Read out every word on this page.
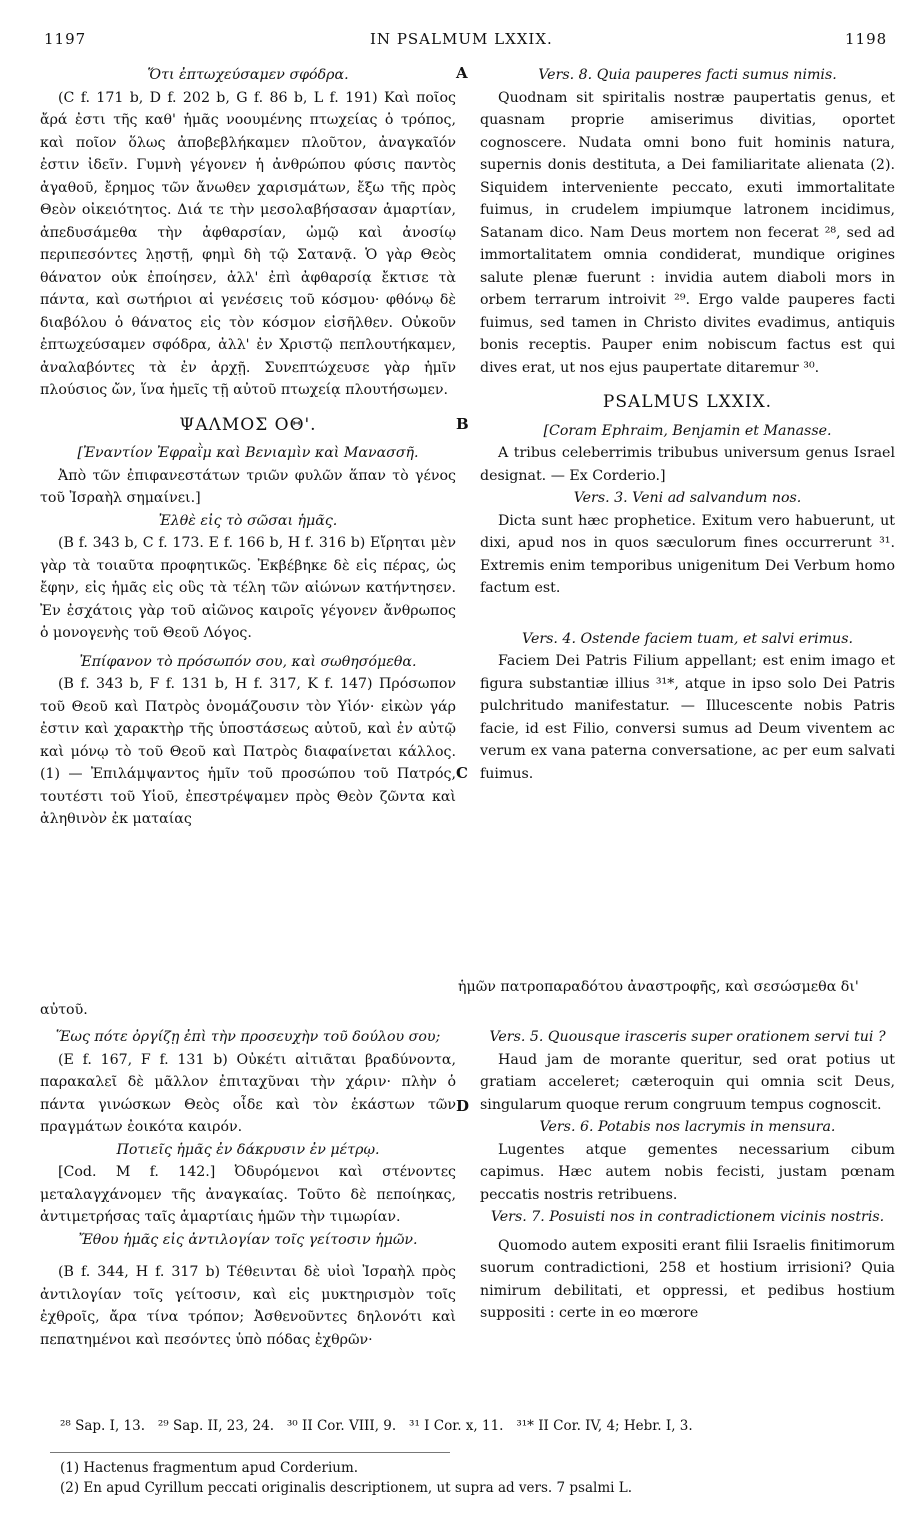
1197	IN PSALMUM LXXIX.	1198
A
B
C
D

Ὅτι ἐπτωχεύσαμεν σφόδρα.

(C f. 171 b, D f. 202 b, G f. 86 b, L f. 191) Καὶ ποῖος ἄρά ἐστι τῆς καθ' ἡμᾶς νοουμένης πτωχείας ὁ τρόπος, καὶ ποῖον ὅλως ἀποβεβλήκαμεν πλοῦτον, ἀναγκαῖόν ἐστιν ἰδεῖν. Γυμνὴ γέγονεν ἡ ἀνθρώπου φύσις παντὸς ἀγαθοῦ, ἔρημος τῶν ἄνωθεν χαρισμάτων, ἔξω τῆς πρὸς Θεὸν οἰκειότητος. Διά τε τὴν μεσολαβήσασαν ἁμαρτίαν, ἀπεδυσάμεθα τὴν ἀφθαρσίαν, ὠμῷ καὶ ἀνοσίῳ περιπεσόντες λῃστῇ, φημὶ δὴ τῷ Σατανᾷ. Ὁ γὰρ Θεὸς θάνατον οὐκ ἐποίησεν, ἀλλ' ἐπὶ ἀφθαρσίᾳ ἔκτισε τὰ πάντα, καὶ σωτήριοι αἱ γενέσεις τοῦ κόσμου· φθόνῳ δὲ διαβόλου ὁ θάνατος εἰς τὸν κόσμον εἰσῆλθεν. Οὐκοῦν ἐπτωχεύσαμεν σφόδρα, ἀλλ' ἐν Χριστῷ πεπλουτήκαμεν, ἀναλαβόντες τὰ ἐν ἀρχῇ. Συνεπτώχευσε γὰρ ἡμῖν πλούσιος ὤν, ἵνα ἡμεῖς τῇ αὐτοῦ πτωχείᾳ πλουτήσωμεν.

ΨΑΛΜΟΣ ΟΘ'.

[Ἐναντίον Ἐφραῒμ καὶ Βενιαμὶν καὶ Μανασσῆ.

Ἀπὸ τῶν ἐπιφανεστάτων τριῶν φυλῶν ἅπαν τὸ γένος τοῦ Ἰσραὴλ σημαίνει.]

Ἐλθὲ εἰς τὸ σῶσαι ἡμᾶς.

(B f. 343 b, C f. 173. E f. 166 b, H f. 316 b) Εἴρηται μὲν γὰρ τὰ τοιαῦτα προφητικῶς. Ἐκβέβηκε δὲ εἰς πέρας, ὡς ἔφην, εἰς ἡμᾶς εἰς οὓς τὰ τέλη τῶν αἰώνων κατήντησεν. Ἐν ἐσχάτοις γὰρ τοῦ αἰῶνος καιροῖς γέγονεν ἄνθρωπος ὁ μονογενὴς τοῦ Θεοῦ Λόγος.

Ἐπίφανον τὸ πρόσωπόν σου, καὶ σωθησόμεθα.

(B f. 343 b, F f. 131 b, H f. 317, K f. 147) Πρόσωπον τοῦ Θεοῦ καὶ Πατρὸς ὀνομάζουσιν τὸν Υἱόν· εἰκὼν γάρ ἐστιν καὶ χαρακτὴρ τῆς ὑποστάσεως αὐτοῦ, καὶ ἐν αὐτῷ καὶ μόνῳ τὸ τοῦ Θεοῦ καὶ Πατρὸς διαφαίνεται κάλλος. (1) — Ἐπιλάμψαντος ἡμῖν τοῦ προσώπου τοῦ Πατρός, τουτέστι τοῦ Υἱοῦ, ἐπεστρέψαμεν πρὸς Θεὸν ζῶντα καὶ ἀληθινὸν ἐκ ματαίας

Vers. 8. Quia pauperes facti sumus nimis.

Quodnam sit spiritalis nostræ paupertatis genus, et quasnam proprie amiserimus divitias, oportet cognoscere. Nudata omni bono fuit hominis natura, supernis donis destituta, a Dei familiaritate alienata (2). Siquidem interveniente peccato, exuti immortalitate fuimus, in crudelem impiumque latronem incidimus, Satanam dico. Nam Deus mortem non fecerat ²⁸, sed ad immortalitatem omnia condiderat, mundique origines salute plenæ fuerunt : invidia autem diaboli mors in orbem terrarum introivit ²⁹. Ergo valde pauperes facti fuimus, sed tamen in Christo divites evadimus, antiquis bonis receptis. Pauper enim nobiscum factus est qui dives erat, ut nos ejus paupertate ditaremur ³⁰.

PSALMUS LXXIX.

[Coram Ephraim, Benjamin et Manasse.

A tribus celeberrimis tribubus universum genus Israel designat. — Ex Corderio.]

Vers. 3. Veni ad salvandum nos.

Dicta sunt hæc prophetice. Exitum vero habuerunt, ut dixi, apud nos in quos sæculorum fines occurrerunt ³¹. Extremis enim temporibus unigenitum Dei Verbum homo factum est.

Vers. 4. Ostende faciem tuam, et salvi erimus.

Faciem Dei Patris Filium appellant; est enim imago et figura substantiæ illius ³¹*, atque in ipso solo Dei Patris pulchritudo manifestatur. — Illucescente nobis Patris facie, id est Filio, conversi sumus ad Deum viventem ac verum ex vana paterna conversatione, ac per eum salvati fuimus.

ἡμῶν πατροπαραδότου ἀναστροφῆς, καὶ σεσώσμεθα δι' αὐτοῦ.

Ἕως πότε ὀργίζῃ ἐπὶ τὴν προσευχὴν τοῦ δούλου σου;

(E f. 167, F f. 131 b) Οὐκέτι αἰτιᾶται βραδύνοντα, παρακαλεῖ δὲ μᾶλλον ἐπιταχῦναι τὴν χάριν· πλὴν ὁ πάντα γινώσκων Θεὸς οἶδε καὶ τὸν ἑκάστων τῶν πραγμάτων ἐοικότα καιρόν.

Ποτιεῖς ἡμᾶς ἐν δάκρυσιν ἐν μέτρῳ.

[Cod. M f. 142.] Ὀδυρόμενοι καὶ στένοντες μεταλαγχάνομεν τῆς ἀναγκαίας. Τοῦτο δὲ πεποίηκας, ἀντιμετρήσας ταῖς ἁμαρτίαις ἡμῶν τὴν τιμωρίαν.

Ἔθου ἡμᾶς εἰς ἀντιλογίαν τοῖς γείτοσιν ἡμῶν.

(B f. 344, H f. 317 b) Τέθεινται δὲ υἱοὶ Ἰσραὴλ πρὸς ἀντιλογίαν τοῖς γείτοσιν, καὶ εἰς μυκτηρισμὸν τοῖς ἐχθροῖς, ἄρα τίνα τρόπον; Ἀσθενοῦντες δηλονότι καὶ πεπατημένοι καὶ πεσόντες ὑπὸ πόδας ἐχθρῶν·

Vers. 5. Quousque irasceris super orationem servi tui ?

Haud jam de morante queritur, sed orat potius ut gratiam acceleret; cæteroquin qui omnia scit Deus, singularum quoque rerum congruum tempus cognoscit.

Vers. 6. Potabis nos lacrymis in mensura.

Lugentes atque gementes necessarium cibum capimus. Hæc autem nobis fecisti, justam pœnam peccatis nostris retribuens.

Vers. 7. Posuisti nos in contradictionem vicinis nostris.

Quomodo autem expositi erant filii Israelis finitimorum suorum contradictioni, 258 et hostium irrisioni? Quia nimirum debilitati, et oppressi, et pedibus hostium suppositi : certe in eo mœrore

²⁸ Sap. I, 13.   ²⁹ Sap. II, 23, 24.   ³⁰ II Cor. VIII, 9.   ³¹ I Cor. x, 11.   ³¹* II Cor. IV, 4; Hebr. I, 3.
(1) Hactenus fragmentum apud Corderium.
(2) En apud Cyrillum peccati originalis descriptionem, ut supra ad vers. 7 psalmi L.
